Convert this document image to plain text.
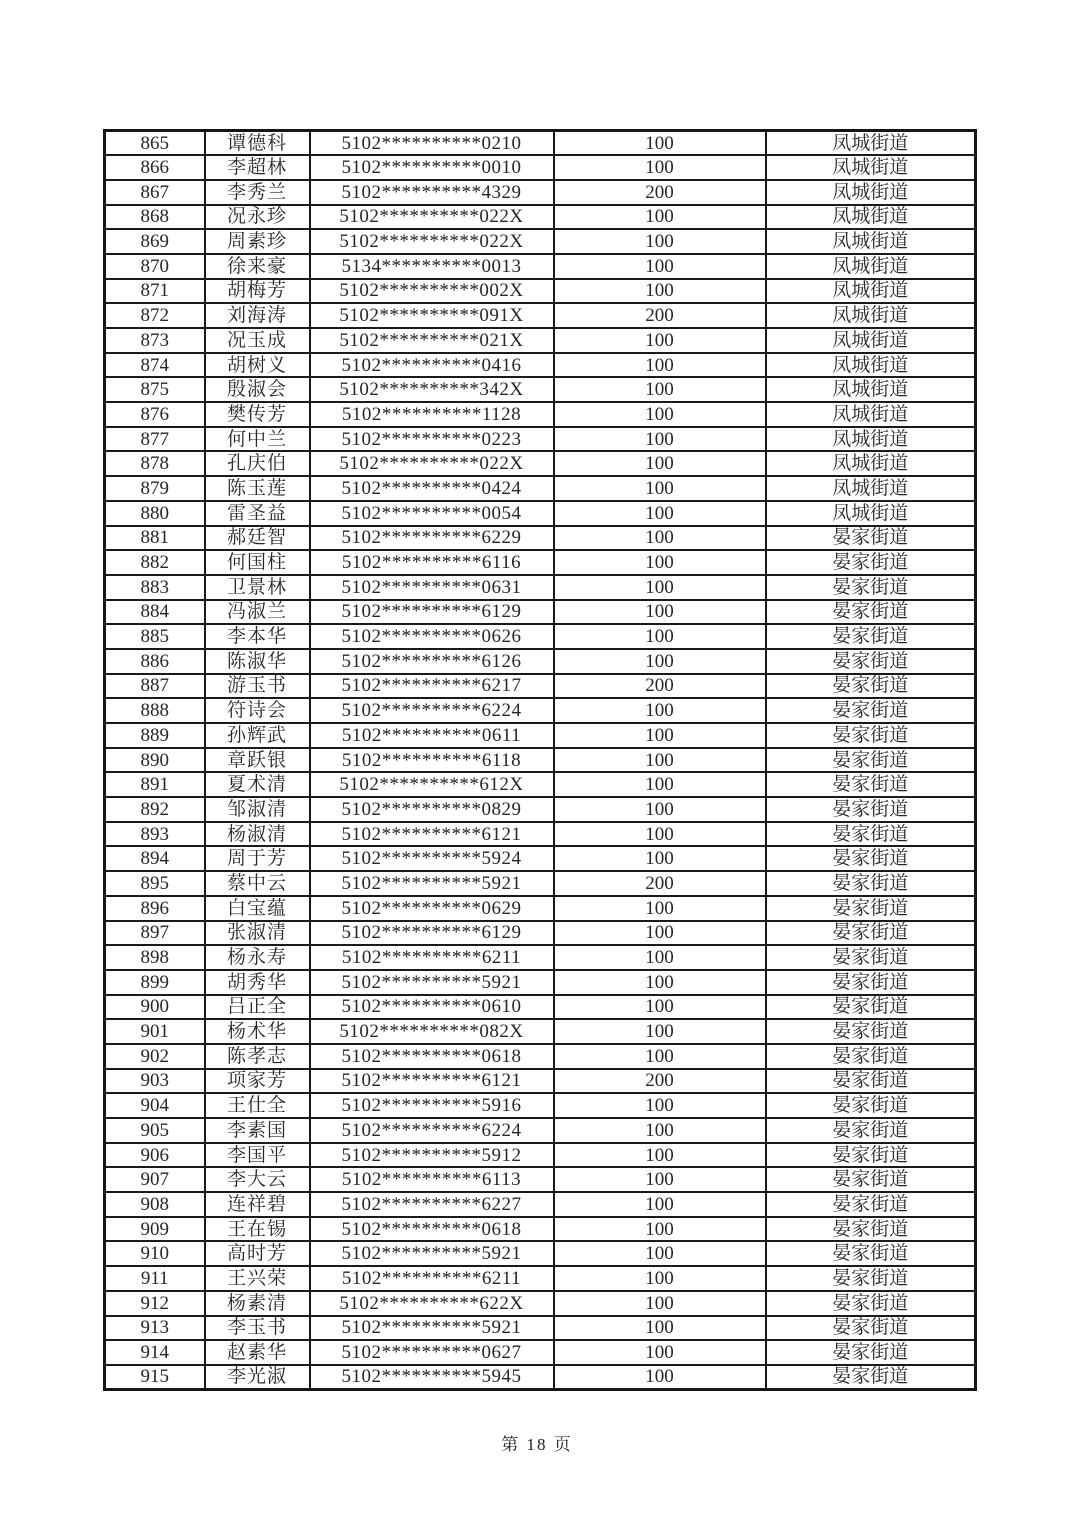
865	谭德科	5102**********0210	100	凤城街道
866	李超林	5102**********0010	100	凤城街道
867	李秀兰	5102**********4329	200	凤城街道
868	况永珍	5102**********022X	100	凤城街道
869	周素珍	5102**********022X	100	凤城街道
870	徐来豪	5134**********0013	100	凤城街道
871	胡梅芳	5102**********002X	100	凤城街道
872	刘海涛	5102**********091X	200	凤城街道
873	况玉成	5102**********021X	100	凤城街道
874	胡树义	5102**********0416	100	凤城街道
875	殷淑会	5102**********342X	100	凤城街道
876	樊传芳	5102**********1128	100	凤城街道
877	何中兰	5102**********0223	100	凤城街道
878	孔庆伯	5102**********022X	100	凤城街道
879	陈玉莲	5102**********0424	100	凤城街道
880	雷圣益	5102**********0054	100	凤城街道
881	郝廷智	5102**********6229	100	晏家街道
882	何国柱	5102**********6116	100	晏家街道
883	卫景林	5102**********0631	100	晏家街道
884	冯淑兰	5102**********6129	100	晏家街道
885	李本华	5102**********0626	100	晏家街道
886	陈淑华	5102**********6126	100	晏家街道
887	游玉书	5102**********6217	200	晏家街道
888	符诗会	5102**********6224	100	晏家街道
889	孙辉武	5102**********0611	100	晏家街道
890	章跃银	5102**********6118	100	晏家街道
891	夏术清	5102**********612X	100	晏家街道
892	邹淑清	5102**********0829	100	晏家街道
893	杨淑清	5102**********6121	100	晏家街道
894	周于芳	5102**********5924	100	晏家街道
895	蔡中云	5102**********5921	200	晏家街道
896	白宝蕴	5102**********0629	100	晏家街道
897	张淑清	5102**********6129	100	晏家街道
898	杨永寿	5102**********6211	100	晏家街道
899	胡秀华	5102**********5921	100	晏家街道
900	吕正全	5102**********0610	100	晏家街道
901	杨术华	5102**********082X	100	晏家街道
902	陈孝志	5102**********0618	100	晏家街道
903	项家芳	5102**********6121	200	晏家街道
904	王仕全	5102**********5916	100	晏家街道
905	李素国	5102**********6224	100	晏家街道
906	李国平	5102**********5912	100	晏家街道
907	李大云	5102**********6113	100	晏家街道
908	连祥碧	5102**********6227	100	晏家街道
909	王在锡	5102**********0618	100	晏家街道
910	高时芳	5102**********5921	100	晏家街道
911	王兴荣	5102**********6211	100	晏家街道
912	杨素清	5102**********622X	100	晏家街道
913	李玉书	5102**********5921	100	晏家街道
914	赵素华	5102**********0627	100	晏家街道
915	李光淑	5102**********5945	100	晏家街道
第 18 页
